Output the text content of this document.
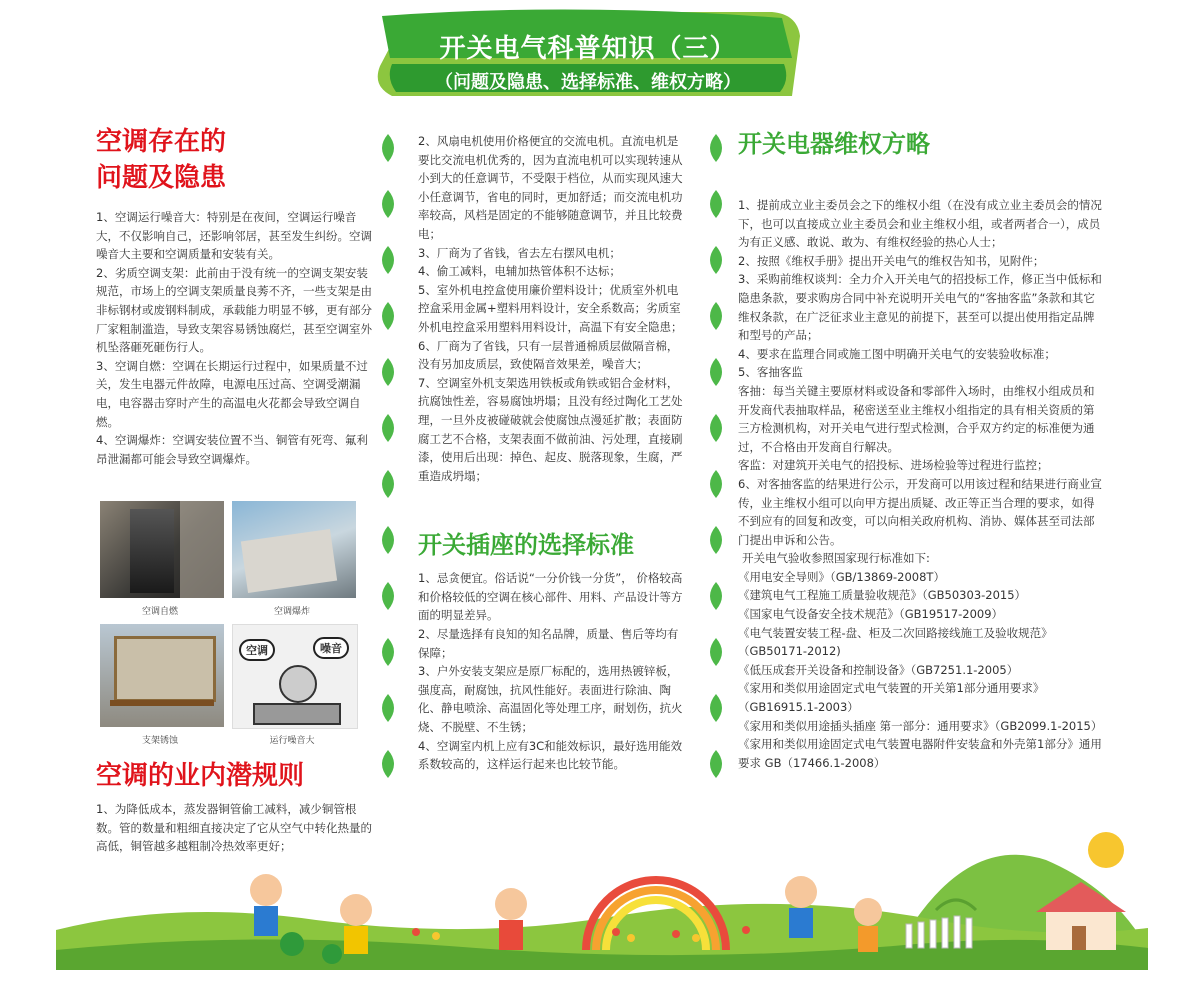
开关电气科普知识（三）
（问题及隐患、选择标准、维权方略）
空调存在的
问题及隐患

1、空调运行噪音大：特别是在夜间，空调运行噪音大，不仅影响自己，还影响邻居，甚至发生纠纷。空调噪音大主要和空调质量和安装有关。
2、劣质空调支架：此前由于没有统一的空调支架安装规范，市场上的空调支架质量良莠不齐，一些支架是由非标钢材或废钢料制成，承载能力明显不够，更有部分厂家粗制滥造，导致支架容易锈蚀腐烂，甚至空调室外机坠落砸死砸伤行人。
3、空调自燃：空调在长期运行过程中，如果质量不过关，发生电器元件故障，电源电压过高、空调受潮漏电，电容器击穿时产生的高温电火花都会导致空调自燃。
4、空调爆炸：空调安装位置不当、铜管有死弯、氟利昂泄漏都可能会导致空调爆炸。

空调自燃	空调爆炸
支架锈蚀
空调	噪音
运行噪音大
空调的业内潜规则

1、为降低成本，蒸发器铜管偷工减料，减少铜管根数。管的数量和粗细直接决定了它从空气中转化热量的高低，铜管越多越粗制冷热效率更好；

2、风扇电机使用价格便宜的交流电机。直流电机是要比交流电机优秀的，因为直流电机可以实现转速从小到大的任意调节，不受限于档位，从而实现风速大小任意调节，省电的同时，更加舒适；而交流电机功率较高，风档是固定的不能够随意调节，并且比较费电；
3、厂商为了省钱，省去左右摆风电机；
4、偷工减料，电辅加热管体积不达标；
5、室外机电控盒使用廉价塑料设计；优质室外机电控盒采用金属+塑料用料设计，安全系数高；劣质室外机电控盒采用塑料用料设计，高温下有安全隐患；
6、厂商为了省钱，只有一层普通棉质层做隔音棉，没有另加皮质层，致使隔音效果差，噪音大；
7、空调室外机支架选用铁板或角铁或铝合金材料，抗腐蚀性差，容易腐蚀坍塌；且没有经过陶化工艺处理，一旦外皮被碰破就会使腐蚀点漫延扩散；表面防腐工艺不合格，支架表面不做前油、污处理，直接刷漆，使用后出现：掉色、起皮、脱落现象，生腐，严重造成坍塌；

开关插座的选择标准

1、忌贪便宜。俗话说“一分价钱一分货”， 价格较高和价格较低的空调在核心部件、用料、产品设计等方面的明显差异。
2、尽量选择有良知的知名品牌，质量、售后等均有保障；
3、户外安装支架应是原厂标配的，选用热镀锌板，强度高，耐腐蚀，抗风性能好。表面进行除油、陶化、静电喷涂、高温固化等处理工序，耐划伤，抗火烧、不脱壁、不生锈；
4、空调室内机上应有3C和能效标识，最好选用能效系数较高的，这样运行起来也比较节能。

开关电器维权方略

1、提前成立业主委员会之下的维权小组（在没有成立业主委员会的情况下，也可以直接成立业主委员会和业主维权小组，或者两者合一），成员为有正义感、敢说、敢为、有维权经验的热心人士；
2、按照《维权手册》提出开关电气的维权告知书，见附件；
3、采购前维权谈判：全力介入开关电气的招投标工作，修正当中低标和隐患条款，要求购房合同中补充说明开关电气的“客抽客监”条款和其它维权条款，在广泛征求业主意见的前提下，甚至可以提出使用指定品牌和型号的产品；
4、要求在监理合同或施工图中明确开关电气的安装验收标准；
5、客抽客监
客抽：每当关键主要原材料或设备和零部件入场时，由维权小组成员和开发商代表抽取样品，秘密送至业主维权小组指定的具有相关资质的第三方检测机构，对开关电气进行型式检测，合乎双方约定的标准便为通过，不合格由开发商自行解决。
客监：对建筑开关电气的招投标、进场检验等过程进行监控；
6、对客抽客监的结果进行公示，开发商可以用该过程和结果进行商业宣传，业主维权小组可以向甲方提出质疑、改正等正当合理的要求，如得不到应有的回复和改变，可以向相关政府机构、消协、媒体甚至司法部门提出申诉和公告。

开关电气验收参照国家现行标准如下:

《用电安全导则》（GB/13869-2008T）

《建筑电气工程施工质量验收规范》（GB50303-2015）

《国家电气设备安全技术规范》（GB19517-2009）

《电气装置安装工程-盘、柜及二次回路接线施工及验收规范》（GB50171-2012)

《低压成套开关设备和控制设备》（GB7251.1-2005）

《家用和类似用途固定式电气装置的开关第1部分通用要求》（GB16915.1-2003）

《家用和类似用途插头插座 第一部分：通用要求》（GB2099.1-2015）

《家用和类似用途固定式电气装置电器附件安装盒和外壳第1部分》通用要求 GB（17466.1-2008）
